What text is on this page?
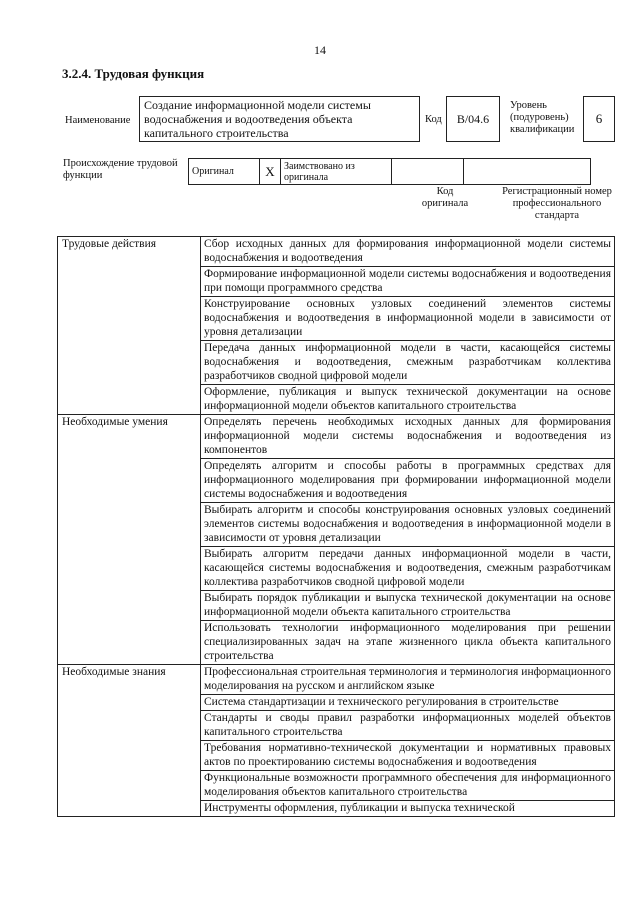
14
3.2.4. Трудовая функция
Наименование
Создание информационной модели системы водоснабжения и водоотведения объекта капитального строительства
Код	В/04.6
Уровень (подуровень) квалификации
6
Происхождение трудовой функции	Оригинал	X	Заимствовано из оригинала		
Код оригинала
Регистрационный номер профессионального стандарта
Трудовые действия	Сбор исходных данных для формирования информационной модели системы водоснабжения и водоотведения
	Формирование информационной модели системы водоснабжения и водоотведения при помощи программного средства
	Конструирование основных узловых соединений элементов системы водоснабжения и водоотведения в информационной модели в зависимости от уровня детализации
	Передача данных информационной модели в части, касающейся системы водоснабжения и водоотведения, смежным разработчикам коллектива разработчиков сводной цифровой модели
	Оформление, публикация и выпуск технической документации на основе информационной модели объектов капитального строительства
Необходимые умения	Определять перечень необходимых исходных данных для формирования информационной модели системы водоснабжения и водоотведения из компонентов
	Определять алгоритм и способы работы в программных средствах для информационного моделирования при формировании информационной модели системы водоснабжения и водоотведения
	Выбирать алгоритм и способы конструирования основных узловых соединений элементов системы водоснабжения и водоотведения в информационной модели в зависимости от уровня детализации
	Выбирать алгоритм передачи данных информационной модели в части, касающейся системы водоснабжения и водоотведения, смежным разработчикам коллектива разработчиков сводной цифровой модели
	Выбирать порядок публикации и выпуска технической документации на основе информационной модели объекта капитального строительства
	Использовать технологии информационного моделирования при решении специализированных задач на этапе жизненного цикла объекта капитального строительства
Необходимые знания	Профессиональная строительная терминология и терминология информационного моделирования на русском и английском языке
	Система стандартизации и технического регулирования в строительстве
	Стандарты и своды правил разработки информационных моделей объектов капитального строительства
	Требования нормативно-технической документации и нормативных правовых актов по проектированию системы водоснабжения и водоотведения
	Функциональные возможности программного обеспечения для информационного моделирования объектов капитального строительства
	Инструменты оформления, публикации и выпуска технической
